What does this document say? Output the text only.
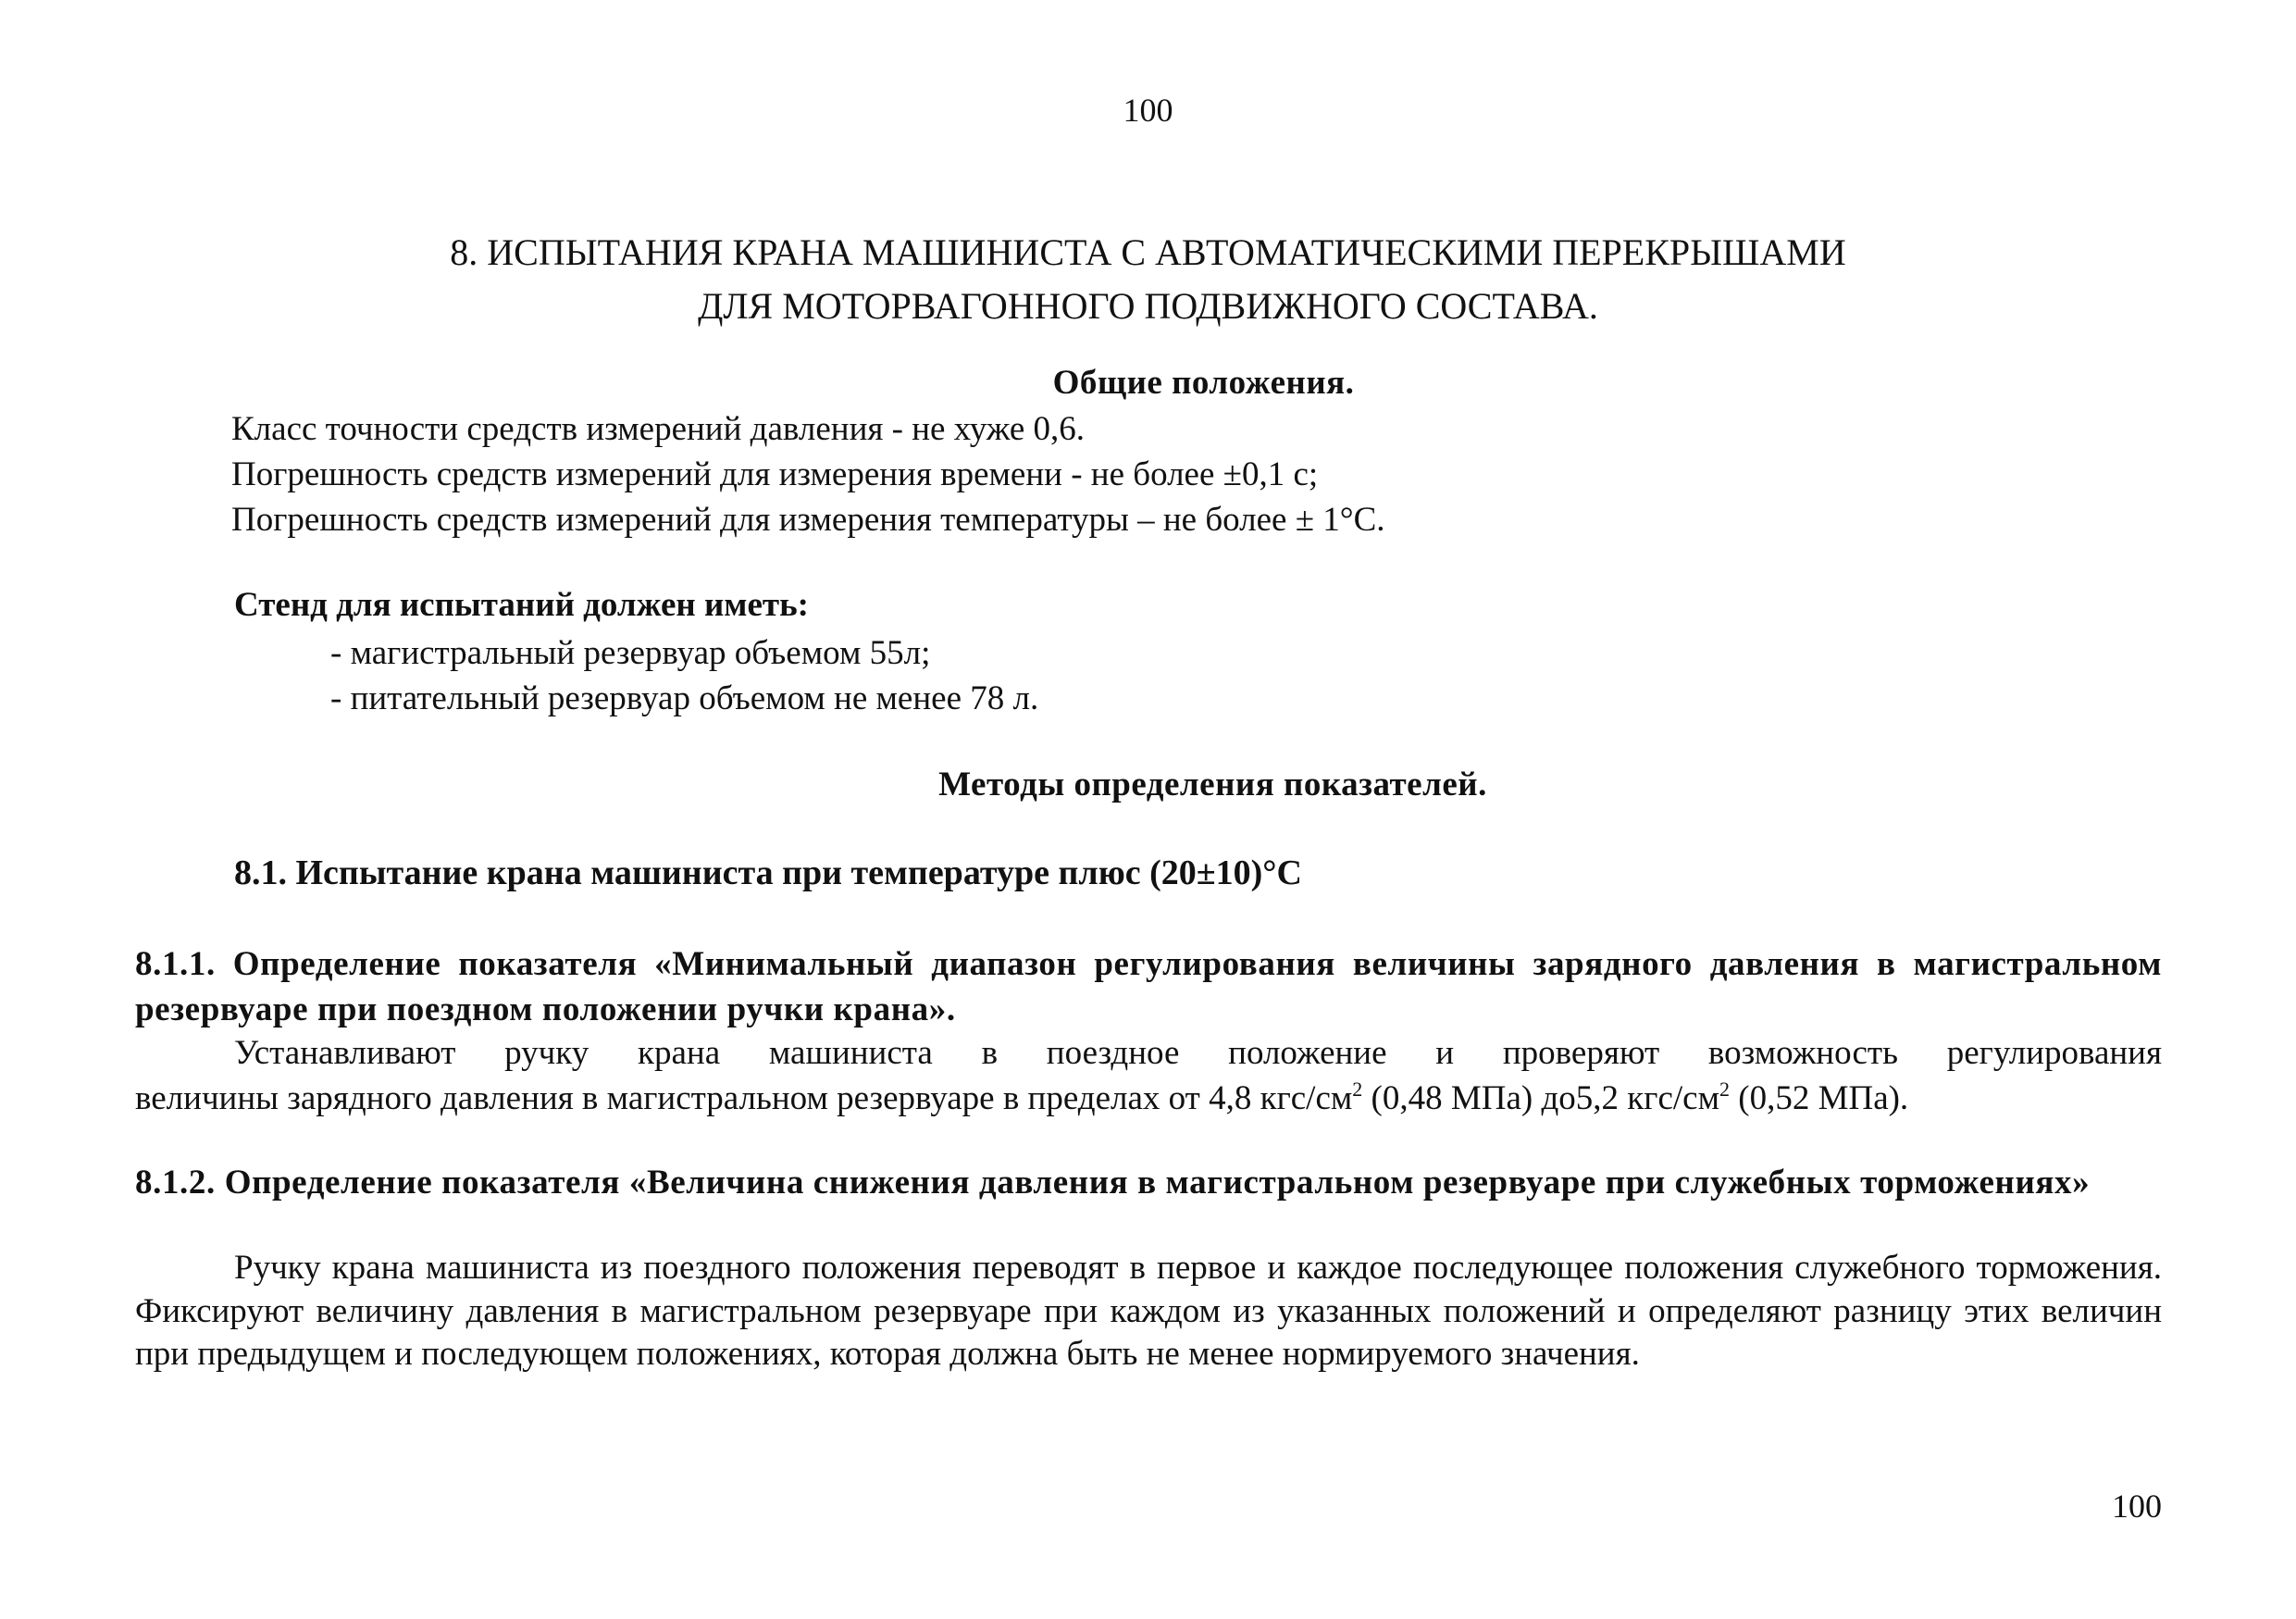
100
8. ИСПЫТАНИЯ КРАНА МАШИНИСТА С АВТОМАТИЧЕСКИМИ ПЕРЕКРЫШАМИ
ДЛЯ МОТОРВАГОННОГО ПОДВИЖНОГО СОСТАВА.
Общие положения.
Класс точности средств измерений давления - не хуже 0,6.
Погрешность средств измерений для измерения времени - не более ±0,1 с;
Погрешность средств измерений для измерения температуры – не более ± 1°С.
Стенд для испытаний должен иметь:
- магистральный резервуар объемом 55л;
- питательный резервуар объемом не менее 78 л.
Методы определения показателей.
8.1. Испытание крана машиниста при температуре плюс (20±10)°С
8.1.1. Определение показателя «Минимальный диапазон регулирования величины зарядного давления в магистральном резервуаре при поездном положении ручки крана».
Устанавливают ручку крана машиниста в поездное положение и проверяют возможность регулирования
величины зарядного давления в магистральном резервуаре в пределах от 4,8 кгс/$см^2$ (0,48 МПа) до5,2 кгс/$см^2$ (0,52 МПа).
8.1.2. Определение показателя «Величина снижения давления в магистральном резервуаре при служебных торможениях»
Ручку крана машиниста из поездного положения переводят в первое и каждое последующее положения служебного торможения. Фиксируют величину давления в магистральном резервуаре при каждом из указанных положений и определяют разницу этих величин при предыдущем и последующем положениях, которая должна быть не менее нормируемого значения.
100
